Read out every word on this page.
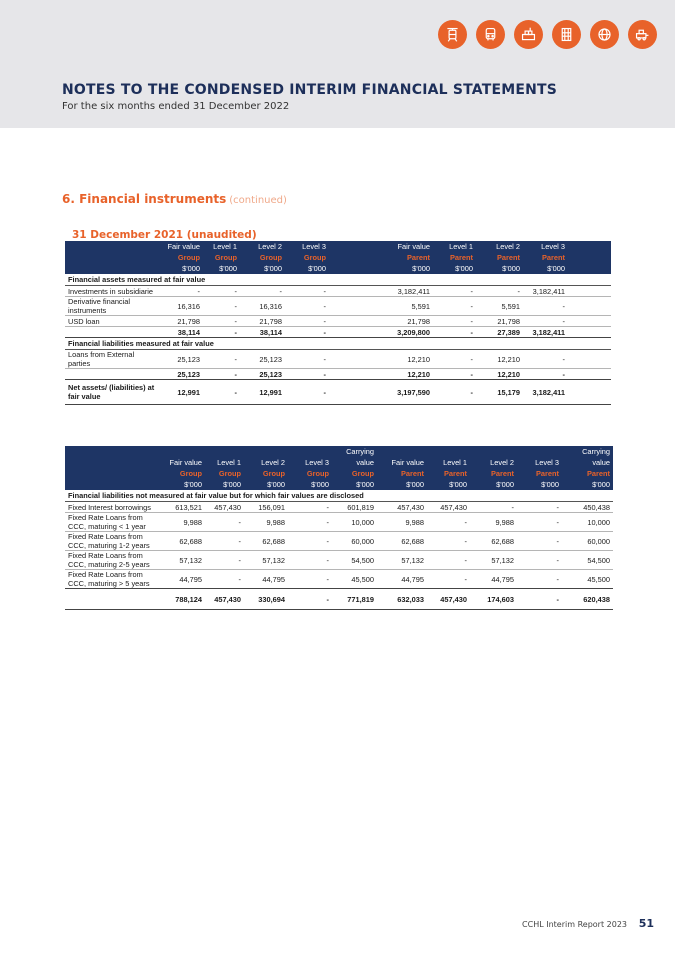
NOTES TO THE CONDENSED INTERIM FINANCIAL STATEMENTS
For the six months ended 31 December 2022
6. Financial instruments (continued)
31 December 2021 (unaudited)
	Fair value	Level 1	Level 2	Level 3	Fair value	Level 1	Level 2	Level 3	
	Group	Group	Group	Group	Parent	Parent	Parent	Parent	
	$'000	$'000	$'000	$'000	$'000	$'000	$'000	$'000	
Financial assets measured at fair value									
Investments in subsidiarie	-	-	-	-	3,182,411	-	-	3,182,411	
Derivative financial instruments	16,316	-	16,316	-	5,591	-	5,591	-	
USD loan	21,798	-	21,798	-	21,798	-	21,798	-	
	38,114	-	38,114	-	3,209,800	-	27,389	3,182,411	
Financial liabilities measured at fair value									
Loans from External parties	25,123	-	25,123	-	12,210	-	12,210	-	
	25,123	-	25,123	-	12,210	-	12,210	-	
Net assets/ (liabilities) at fair value	12,991	-	12,991	-	3,197,590	-	15,179	3,182,411	
					Carrying					Carrying
	Fair value	Level 1	Level 2	Level 3	value	Fair value	Level 1	Level 2	Level 3	value
	Group	Group	Group	Group	Group	Parent	Parent	Parent	Parent	Parent
	$'000	$'000	$'000	$'000	$'000	$'000	$'000	$'000	$'000	$'000
Financial liabilities not measured at fair value but for which fair values are disclosed										
Fixed Interest borrowings	613,521	457,430	156,091	-	601,819	457,430	457,430	-	-	450,438
Fixed Rate Loans from CCC, maturing < 1 year	9,988	-	9,988	-	10,000	9,988	-	9,988	-	10,000
Fixed Rate Loans from CCC, maturing 1-2 years	62,688	-	62,688	-	60,000	62,688	-	62,688	-	60,000
Fixed Rate Loans from CCC, maturing 2-5 years	57,132	-	57,132	-	54,500	57,132	-	57,132	-	54,500
Fixed Rate Loans from CCC, maturing > 5 years	44,795	-	44,795	-	45,500	44,795	-	44,795	-	45,500
	788,124	457,430	330,694	-	771,819	632,033	457,430	174,603	-	620,438
CCHL Interim Report 2023 51
